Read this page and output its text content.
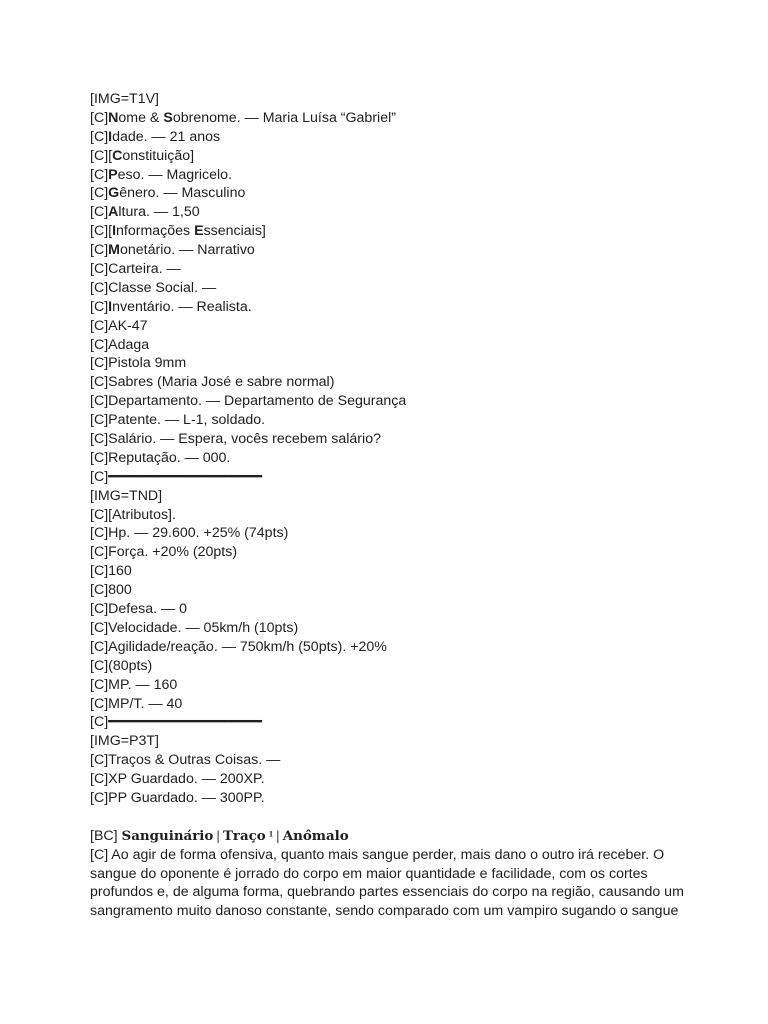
[IMG=T1V]
[C]Nome & Sobrenome. — Maria Luísa “Gabriel”
[C]Idade. — 21 anos
[C][Constituição]
[C]Peso. — Magricelo.
[C]Gênero. — Masculino
[C]Altura. — 1,50
[C][Informações Essenciais]
[C]Monetário. — Narrativo
[C]Carteira. —
[C]Classe Social. —
[C]Inventário. — Realista.
[C]AK-47
[C]Adaga
[C]Pistola 9mm
[C]Sabres (Maria José e sabre normal)
[C]Departamento. — Departamento de Segurança
[C]Patente. — L-1, soldado.
[C]Salário. — Espera, vocês recebem salário?
[C]Reputação. — 000.
[C]━━━━━━━━━━━━━━━━━━
[IMG=TND]
[C][Atributos].
[C]Hp. — 29.600. +25% (74pts)
[C]Força. +20% (20pts)
[C]160
[C]800
[C]Defesa. — 0
[C]Velocidade. — 05km/h (10pts)
[C]Agilidade/reação. — 750km/h (50pts). +20%
[C](80pts)
[C]MP. — 160
[C]MP/T. — 40
[C]━━━━━━━━━━━━━━━━━━
[IMG=P3T]
[C]Traços & Outras Coisas. —
[C]XP Guardado. — 200XP.
[C]PP Guardado. — 300PP.
[BC] 𝐒𝐚𝐧𝐠𝐮𝐢𝐧𝐚́𝐫𝐢𝐨 | 𝐓𝐫𝐚𝐜̧𝐨 ¹ | 𝐀𝐧𝐨̂𝐦𝐚𝐥𝐨
[C] Ao agir de forma ofensiva, quanto mais sangue perder, mais dano o outro irá receber. O
sangue do oponente é jorrado do corpo em maior quantidade e facilidade, com os cortes
profundos e, de alguma forma, quebrando partes essenciais do corpo na região, causando um
sangramento muito danoso constante, sendo comparado com um vampiro sugando o sangue
